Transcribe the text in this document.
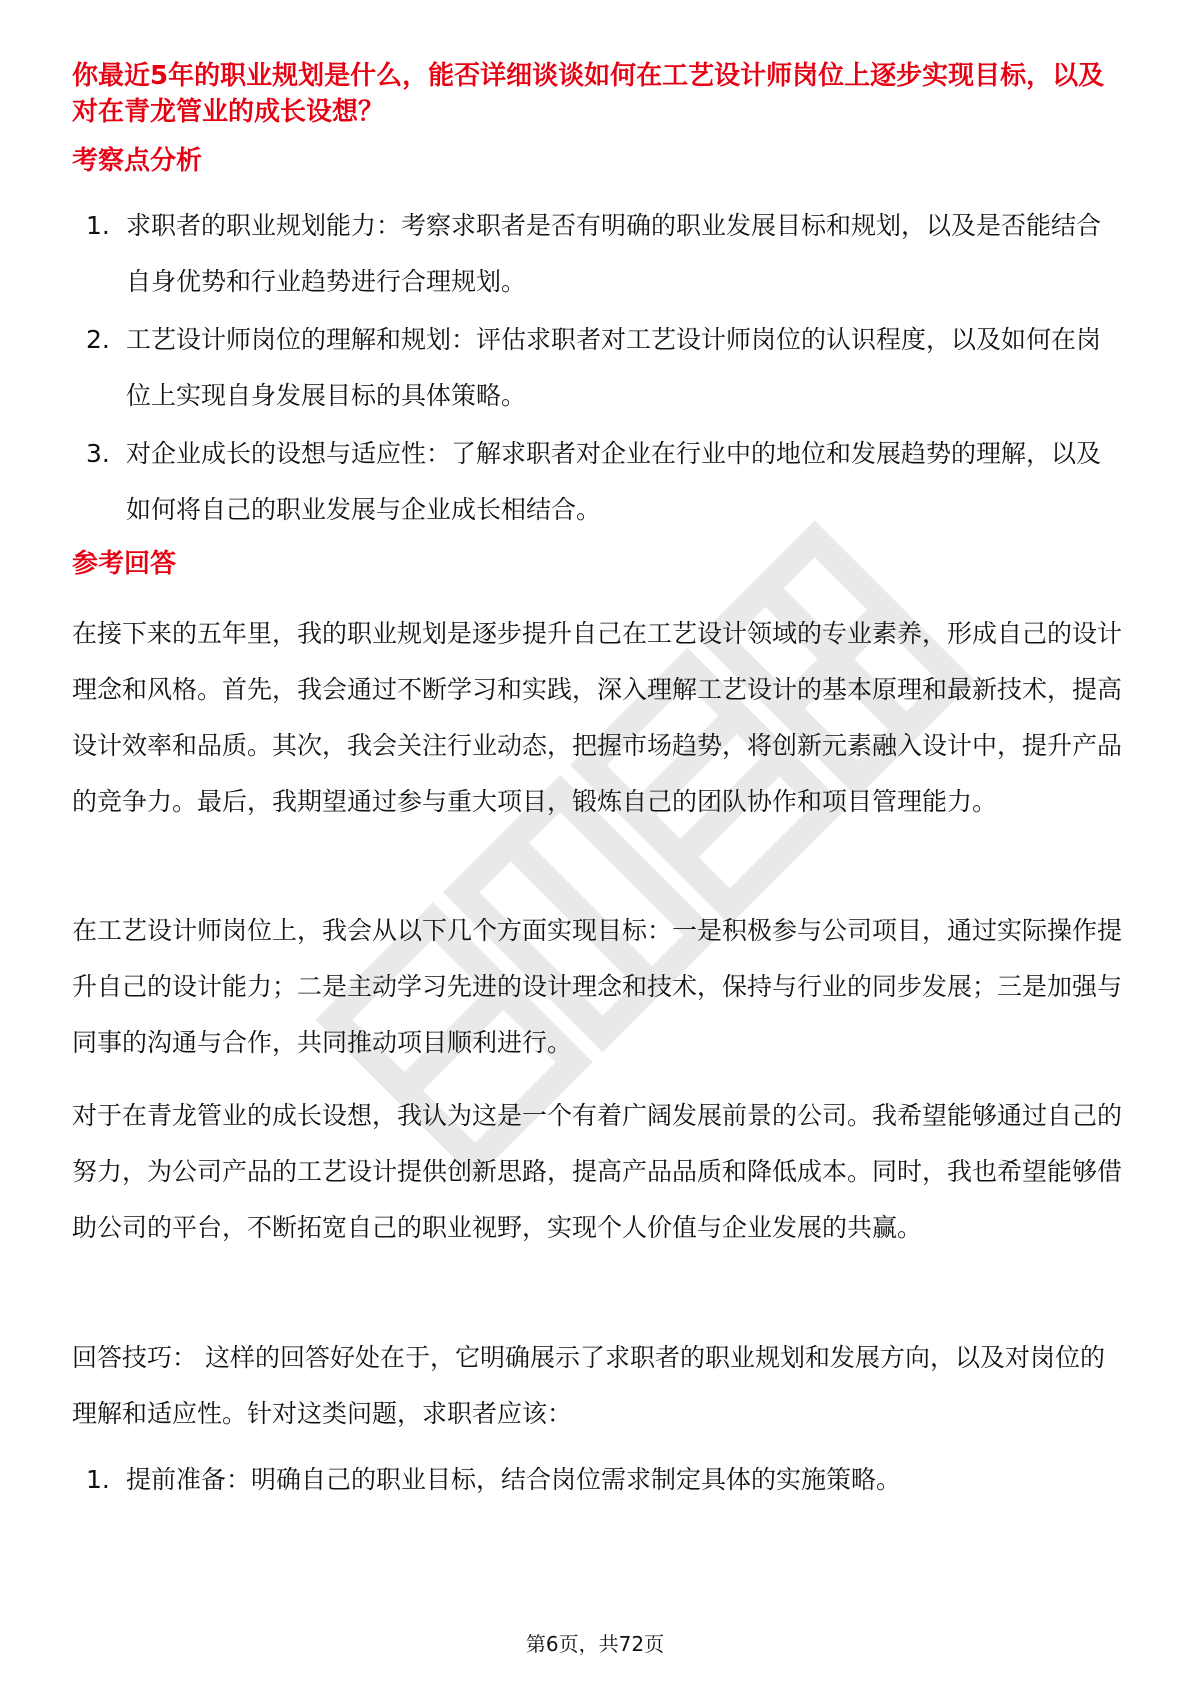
你最近5年的职业规划是什么，能否详细谈谈如何在工艺设计师岗位上逐步实现目标，以及对在青龙管业的成长设想？

考察点分析
1. 求职者的职业规划能力：考察求职者是否有明确的职业发展目标和规划，以及是否能结合自身优势和行业趋势进行合理规划。
2. 工艺设计师岗位的理解和规划：评估求职者对工艺设计师岗位的认识程度，以及如何在岗位上实现自身发展目标的具体策略。
3. 对企业成长的设想与适应性：了解求职者对企业在行业中的地位和发展趋势的理解，以及如何将自己的职业发展与企业成长相结合。
参考回答

在接下来的五年里，我的职业规划是逐步提升自己在工艺设计领域的专业素养，形成自己的设计理念和风格。首先，我会通过不断学习和实践，深入理解工艺设计的基本原理和最新技术，提高设计效率和品质。其次，我会关注行业动态，把握市场趋势，将创新元素融入设计中，提升产品的竞争力。最后，我期望通过参与重大项目，锻炼自己的团队协作和项目管理能力。

在工艺设计师岗位上，我会从以下几个方面实现目标：一是积极参与公司项目，通过实际操作提升自己的设计能力；二是主动学习先进的设计理念和技术，保持与行业的同步发展；三是加强与同事的沟通与合作，共同推动项目顺利进行。

对于在青龙管业的成长设想，我认为这是一个有着广阔发展前景的公司。我希望能够通过自己的努力，为公司产品的工艺设计提供创新思路，提高产品品质和降低成本。同时，我也希望能够借助公司的平台，不断拓宽自己的职业视野，实现个人价值与企业发展的共赢。

回答技巧： 这样的回答好处在于，它明确展示了求职者的职业规划和发展方向，以及对岗位的理解和适应性。针对这类问题，求职者应该：

1. 提前准备：明确自己的职业目标，结合岗位需求制定具体的实施策略。
第6页，共72页
